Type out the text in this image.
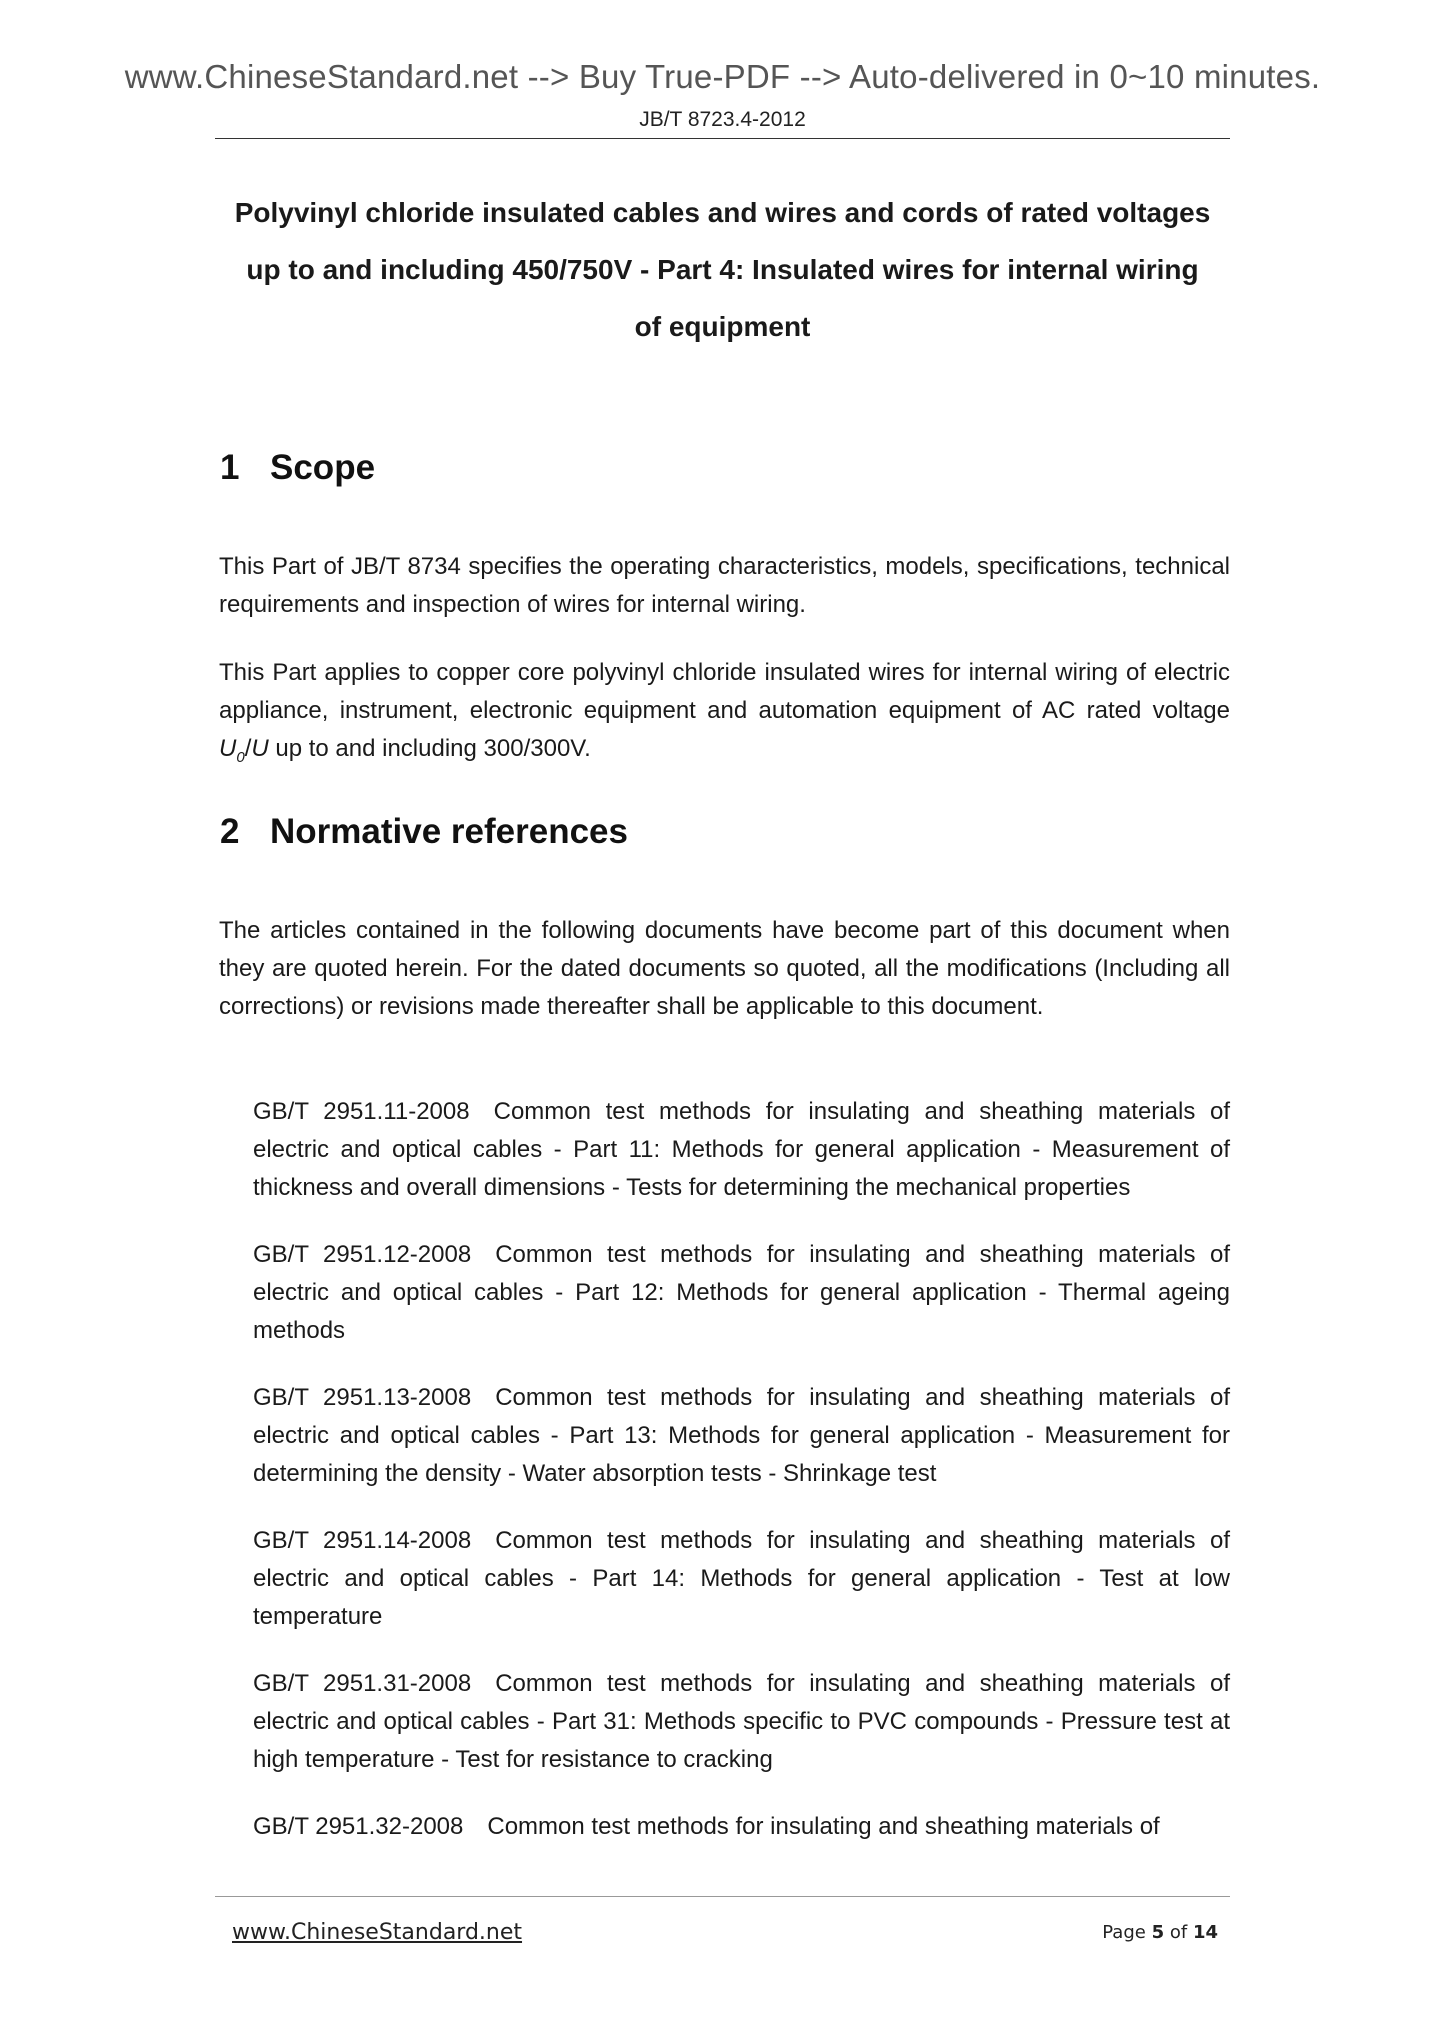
www.ChineseStandard.net --> Buy True-PDF --> Auto-delivered in 0~10 minutes.
JB/T 8723.4-2012
Polyvinyl chloride insulated cables and wires and cords of rated voltages
up to and including 450/750V - Part 4: Insulated wires for internal wiring
of equipment
1 Scope

This Part of JB/T 8734 specifies the operating characteristics, models, specifications, technical requirements and inspection of wires for internal wiring.

This Part applies to copper core polyvinyl chloride insulated wires for internal wiring of electric appliance, instrument, electronic equipment and automation equipment of AC rated voltage $U_0/U$ up to and including 300/300V.

2 Normative references

The articles contained in the following documents have become part of this document when they are quoted herein. For the dated documents so quoted, all the modifications (Including all corrections) or revisions made thereafter shall be applicable to this document.

GB/T 2951.11-2008 Common test methods for insulating and sheathing materials of electric and optical cables - Part 11: Methods for general application - Measurement of thickness and overall dimensions - Tests for determining the mechanical properties

GB/T 2951.12-2008 Common test methods for insulating and sheathing materials of electric and optical cables - Part 12: Methods for general application - Thermal ageing methods

GB/T 2951.13-2008 Common test methods for insulating and sheathing materials of electric and optical cables - Part 13: Methods for general application - Measurement for determining the density - Water absorption tests - Shrinkage test

GB/T 2951.14-2008 Common test methods for insulating and sheathing materials of electric and optical cables - Part 14: Methods for general application - Test at low temperature

GB/T 2951.31-2008 Common test methods for insulating and sheathing materials of electric and optical cables - Part 31: Methods specific to PVC compounds - Pressure test at high temperature - Test for resistance to cracking

GB/T 2951.32-2008 Common test methods for insulating and sheathing materials of

www.ChineseStandard.net	Page 5 of 14
